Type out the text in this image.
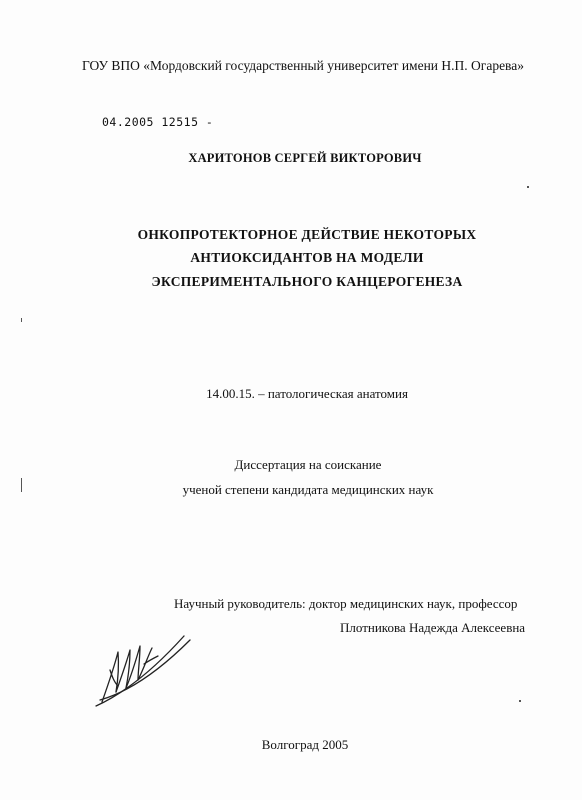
ГОУ ВПО «Мордовский государственный университет имени Н.П. Огарева»
04.2005 12515 -
ХАРИТОНОВ СЕРГЕЙ ВИКТОРОВИЧ
ОНКОПРОТЕКТОРНОЕ ДЕЙСТВИЕ НЕКОТОРЫХ
АНТИОКСИДАНТОВ НА МОДЕЛИ
ЭКСПЕРИМЕНТАЛЬНОГО КАНЦЕРОГЕНЕЗА
14.00.15. – патологическая анатомия
Диссертация на соискание
ученой степени кандидата медицинских наук
Научный руководитель: доктор медицинских наук, профессор
Плотникова Надежда Алексеевна
Волгоград 2005
